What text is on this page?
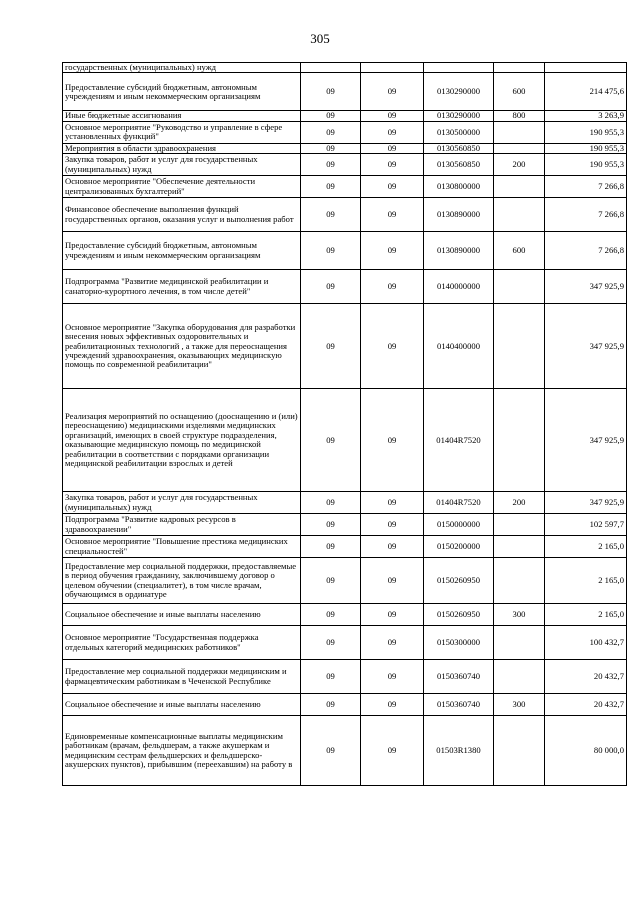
305
государственных (муниципальных) нужд					
Предоставление субсидий бюджетным, автономным учреждениям и иным некоммерческим организациям	09	09	0130290000	600	214 475,6
Иные бюджетные ассигнования	09	09	0130290000	800	3 263,9
Основное мероприятие "Руководство и управление в сфере установленных функций"	09	09	0130500000		190 955,3
Мероприятия в области здравоохранения	09	09	0130560850		190 955,3
Закупка товаров, работ и услуг для государственных (муниципальных) нужд	09	09	0130560850	200	190 955,3
Основное мероприятие "Обеспечение деятельности централизованных бухгалтерий"	09	09	0130800000		7 266,8
Финансовое обеспечение выполнения функций государственных органов, оказания услуг и выполнения работ	09	09	0130890000		7 266,8
Предоставление субсидий бюджетным, автономным учреждениям и иным некоммерческим организациям	09	09	0130890000	600	7 266,8
Подпрограмма "Развитие медицинской реабилитации и санаторно-курортного лечения, в том числе детей"	09	09	0140000000		347 925,9
Основное мероприятие "Закупка оборудования для разработки внесения новых эффективных оздоровительных и реабилитационных технологий , а также для переоснащения учреждений здравоохранения, оказывающих медицинскую помощь по современной реабилитации"	09	09	0140400000		347 925,9
Реализация мероприятий по оснащению (дооснащению и (или) переоснащению) медицинскими изделиями медицинских организаций, имеющих в своей структуре подразделения, оказывающие медицинскую помощь по медицинской реабилитации в соответствии с порядками организации медицинской реабилитации взрослых и детей	09	09	01404R7520		347 925,9
Закупка товаров, работ и услуг для государственных (муниципальных) нужд	09	09	01404R7520	200	347 925,9
Подпрограмма "Развитие кадровых ресурсов в здравоохранении"	09	09	0150000000		102 597,7
Основное мероприятие "Повышение престижа медицинских специальностей"	09	09	0150200000		2 165,0
Предоставление мер социальной поддержки, предоставляемые в период обучения гражданину, заключившему договор о целевом обучении (специалитет), в том числе врачам, обучающимся в ординатуре	09	09	0150260950		2 165,0
Социальное обеспечение и иные выплаты населению	09	09	0150260950	300	2 165,0
Основное мероприятие "Государственная поддержка отдельных категорий медицинских работников"	09	09	0150300000		100 432,7
Предоставление мер социальной поддержки медицинским и фармацевтическим работникам в Чеченской Республике	09	09	0150360740		20 432,7
Социальное обеспечение и иные выплаты населению	09	09	0150360740	300	20 432,7
Единовременные компенсационные выплаты медицинским работникам (врачам, фельдшерам, а также акушеркам и медицинским сестрам фельдшерских и фельдшерско-акушерских пунктов), прибывшим (переехавшим) на работу в	09	09	01503R1380		80 000,0
